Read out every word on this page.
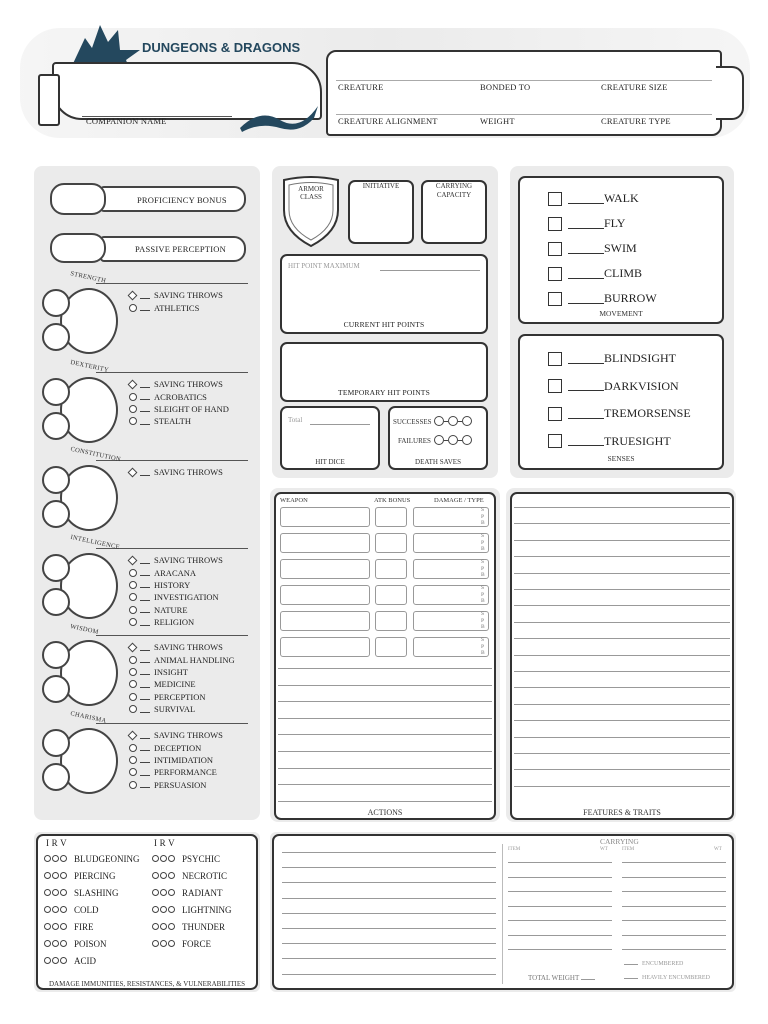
DUNGEONS & DRAGONS
COMPANION NAME
CREATURE	BONDED TO	CREATURE SIZE
CREATURE ALIGNMENT	WEIGHT	CREATURE TYPE
PROFICIENCY BONUS
PASSIVE PERCEPTION
STRENGTH
SAVING THROWS
ATHLETICS
DEXTERITY
SAVING THROWS
ACROBATICS
SLEIGHT OF HAND
STEALTH
CONSTITUTION
SAVING THROWS
INTELLIGENCE
SAVING THROWS
ARACANA
HISTORY
INVESTIGATION
NATURE
RELIGION
WISDOM
SAVING THROWS
ANIMAL HANDLING
INSIGHT
MEDICINE
PERCEPTION
SURVIVAL
CHARISMA
SAVING THROWS
DECEPTION
INTIMIDATION
PERFORMANCE
PERSUASION
ARMOR CLASS
INITIATIVE	CARRYING CAPACITY
HIT POINT MAXIMUM
CURRENT HIT POINTS
TEMPORARY HIT POINTS
Total
HIT DICE
SUCCESSES
FAILURES
DEATH SAVES
WALK
FLY
SWIM
CLIMB
BURROW
MOVEMENT
BLINDSIGHT
DARKVISION
TREMORSENSE
TRUESIGHT
SENSES
WEAPON	ATK BONUS	DAMAGE / TYPE
S
P
B
S
P
B
S
P
B
S
P
B
S
P
B
S
P
B
ACTIONS	FEATURES & TRAITS
I R V	I R V
BLUDGEONING
PIERCING
SLASHING
COLD
FIRE
POISON
ACID
PSYCHIC
NECROTIC
RADIANT
LIGHTNING
THUNDER
FORCE
DAMAGE IMMUNITIES, RESISTANCES, & VULNERABILITIES
CARRYING
ITEM	WT	ITEM	WT
ENCUMBERED
HEAVILY ENCUMBERED
TOTAL WEIGHT
